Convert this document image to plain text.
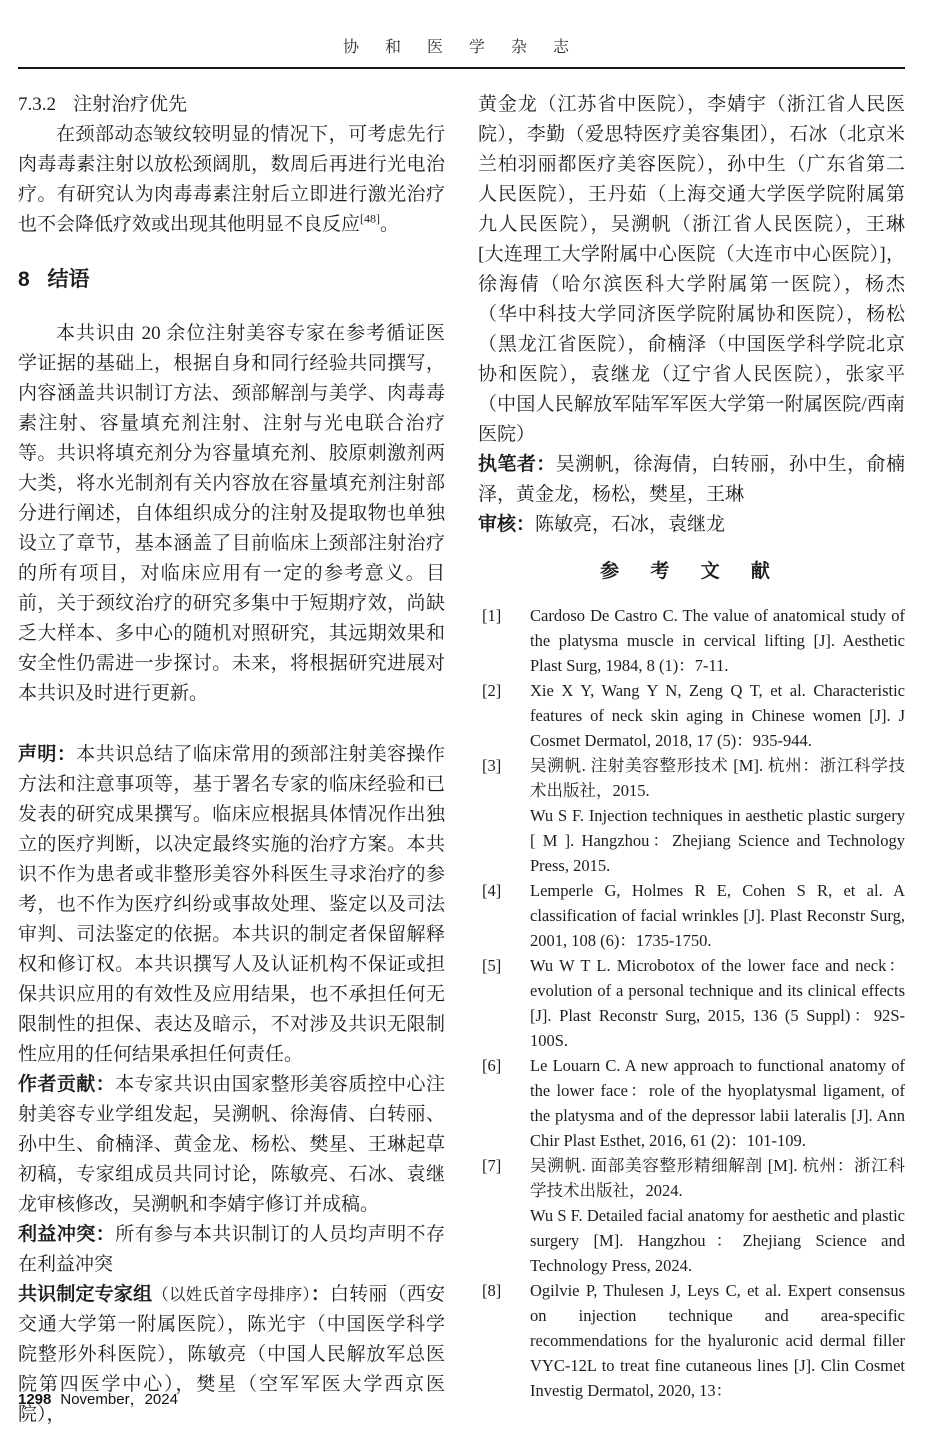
协 和 医 学 杂 志
7.3.2 注射治疗优先

在颈部动态皱纹较明显的情况下，可考虑先行肉毒毒素注射以放松颈阔肌，数周后再进行光电治疗。有研究认为肉毒毒素注射后立即进行激光治疗也不会降低疗效或出现其他明显不良反应[48]。

8 结语

本共识由 20 余位注射美容专家在参考循证医学证据的基础上，根据自身和同行经验共同撰写，内容涵盖共识制订方法、颈部解剖与美学、肉毒毒素注射、容量填充剂注射、注射与光电联合治疗等。共识将填充剂分为容量填充剂、胶原刺激剂两大类，将水光制剂有关内容放在容量填充剂注射部分进行阐述，自体组织成分的注射及提取物也单独设立了章节，基本涵盖了目前临床上颈部注射治疗的所有项目，对临床应用有一定的参考意义。目前，关于颈纹治疗的研究多集中于短期疗效，尚缺乏大样本、多中心的随机对照研究，其远期效果和安全性仍需进一步探讨。未来，将根据研究进展对本共识及时进行更新。

声明：本共识总结了临床常用的颈部注射美容操作方法和注意事项等，基于署名专家的临床经验和已发表的研究成果撰写。临床应根据具体情况作出独立的医疗判断，以决定最终实施的治疗方案。本共识不作为患者或非整形美容外科医生寻求治疗的参考，也不作为医疗纠纷或事故处理、鉴定以及司法审判、司法鉴定的依据。本共识的制定者保留解释权和修订权。本共识撰写人及认证机构不保证或担保共识应用的有效性及应用结果，也不承担任何无限制性的担保、表达及暗示，不对涉及共识无限制性应用的任何结果承担任何责任。

作者贡献：本专家共识由国家整形美容质控中心注射美容专业学组发起，吴溯帆、徐海倩、白转丽、孙中生、俞楠泽、黄金龙、杨松、樊星、王琳起草初稿，专家组成员共同讨论，陈敏亮、石冰、袁继龙审核修改，吴溯帆和李婧宇修订并成稿。

利益冲突：所有参与本共识制订的人员均声明不存在利益冲突

共识制定专家组（以姓氏首字母排序）：白转丽（西安交通大学第一附属医院），陈光宇（中国医学科学院整形外科医院），陈敏亮（中国人民解放军总医院第四医学中心），樊星（空军军医大学西京医院），

黄金龙（江苏省中医院），李婧宇（浙江省人民医院），李勤（爱思特医疗美容集团），石冰（北京米兰柏羽丽都医疗美容医院），孙中生（广东省第二人民医院），王丹茹（上海交通大学医学院附属第九人民医院），吴溯帆（浙江省人民医院），王琳 [大连理工大学附属中心医院（大连市中心医院）]，徐海倩（哈尔滨医科大学附属第一医院），杨杰（华中科技大学同济医学院附属协和医院），杨松（黑龙江省医院），俞楠泽（中国医学科学院北京协和医院），袁继龙（辽宁省人民医院），张家平（中国人民解放军陆军军医大学第一附属医院/西南医院）

执笔者：吴溯帆，徐海倩，白转丽，孙中生，俞楠泽，黄金龙，杨松，樊星，王琳

审核：陈敏亮，石冰，袁继龙

参 考 文 献
[1] Cardoso De Castro C. The value of anatomical study of the platysma muscle in cervical lifting [J]. Aesthetic Plast Surg, 1984, 8 (1)：7-11.

[2] Xie X Y, Wang Y N, Zeng Q T, et al. Characteristic features of neck skin aging in Chinese women [J]. J Cosmet Dermatol, 2018, 17 (5)：935-944.

[3] 吴溯帆. 注射美容整形技术 [M]. 杭州：浙江科学技术出版社，2015.

Wu S F. Injection techniques in aesthetic plastic surgery [ M ]. Hangzhou：Zhejiang Science and Technology Press, 2015.

[4] Lemperle G, Holmes R E, Cohen S R, et al. A classification of facial wrinkles [J]. Plast Reconstr Surg, 2001, 108 (6)：1735-1750.

[5] Wu W T L. Microbotox of the lower face and neck：evolution of a personal technique and its clinical effects [J]. Plast Reconstr Surg, 2015, 136 (5 Suppl)：92S-100S.

[6] Le Louarn C. A new approach to functional anatomy of the lower face：role of the hyoplatysmal ligament, of the platysma and of the depressor labii lateralis [J]. Ann Chir Plast Esthet, 2016, 61 (2)：101-109.

[7] 吴溯帆. 面部美容整形精细解剖 [M]. 杭州：浙江科学技术出版社，2024.

Wu S F. Detailed facial anatomy for aesthetic and plastic surgery [M]. Hangzhou：Zhejiang Science and Technology Press, 2024.

[8] Ogilvie P, Thulesen J, Leys C, et al. Expert consensus on injection technique and area-specific recommendations for the hyaluronic acid dermal filler VYC-12L to treat fine cutaneous lines [J]. Clin Cosmet Investig Dermatol, 2020, 13：

1298 November，2024
